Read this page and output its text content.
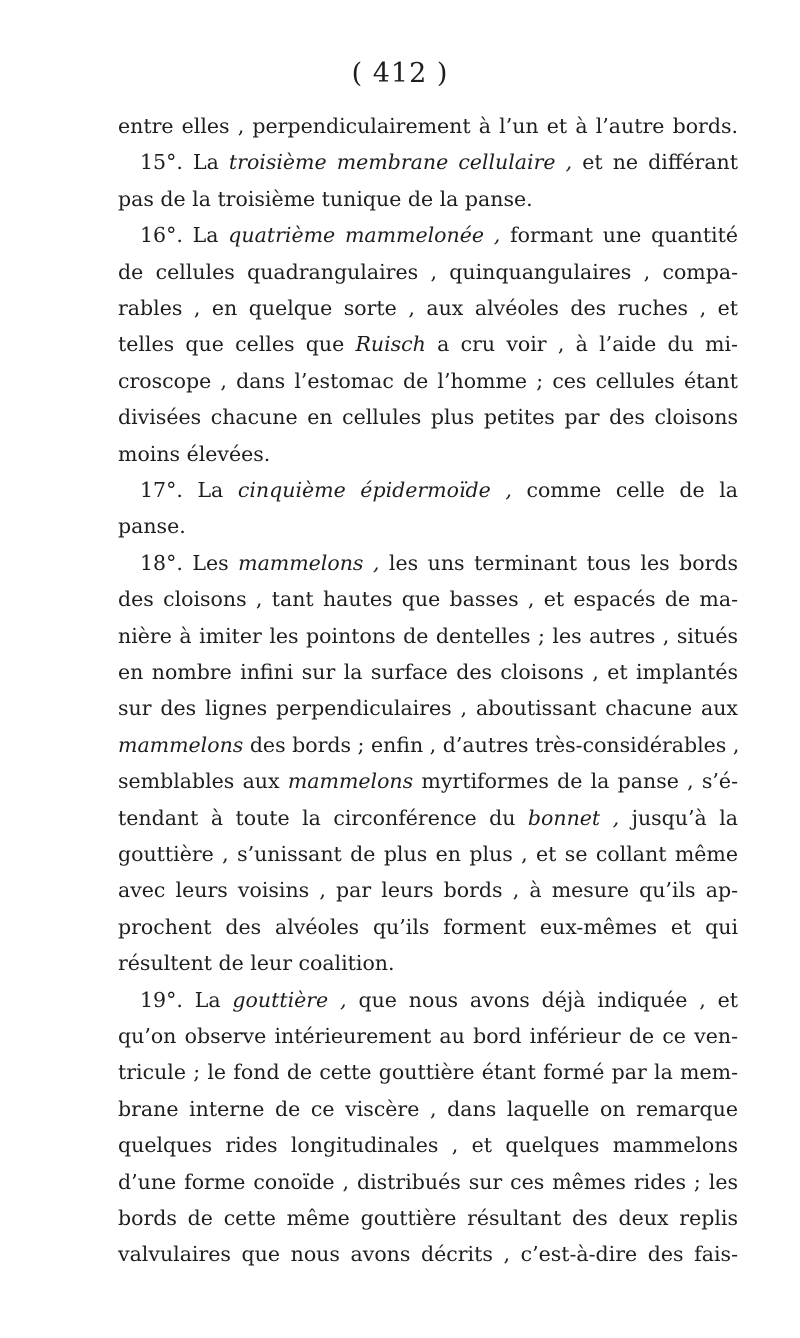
( 412 )
entre elles , perpendiculairement à l’un et à l’autre bords.
15°. La troisième membrane cellulaire , et ne différant
pas de la troisième tunique de la panse.
16°. La quatrième mammelonée , formant une quantité
de cellules quadrangulaires , quinquangulaires , compa-
rables , en quelque sorte , aux alvéoles des ruches , et
telles que celles que Ruisch a cru voir , à l’aide du mi-
croscope , dans l’estomac de l’homme ; ces cellules étant
divisées chacune en cellules plus petites par des cloisons
moins élevées.
17°. La cinquième épidermoïde , comme celle de la
panse.
18°. Les mammelons , les uns terminant tous les bords
des cloisons , tant hautes que basses , et espacés de ma-
nière à imiter les pointons de dentelles ; les autres , situés
en nombre infini sur la surface des cloisons , et implantés
sur des lignes perpendiculaires , aboutissant chacune aux
mammelons des bords ; enfin , d’autres très-considérables ,
semblables aux mammelons myrtiformes de la panse , s’é-
tendant à toute la circonférence du bonnet , jusqu’à la
gouttière , s’unissant de plus en plus , et se collant même
avec leurs voisins , par leurs bords , à mesure qu’ils ap-
prochent des alvéoles qu’ils forment eux-mêmes et qui
résultent de leur coalition.
19°. La gouttière , que nous avons déjà indiquée , et
qu’on observe intérieurement au bord inférieur de ce ven-
tricule ; le fond de cette gouttière étant formé par la mem-
brane interne de ce viscère , dans laquelle on remarque
quelques rides longitudinales , et quelques mammelons
d’une forme conoïde , distribués sur ces mêmes rides ; les
bords de cette même gouttière résultant des deux replis
valvulaires que nous avons décrits , c’est-à-dire des fais-
